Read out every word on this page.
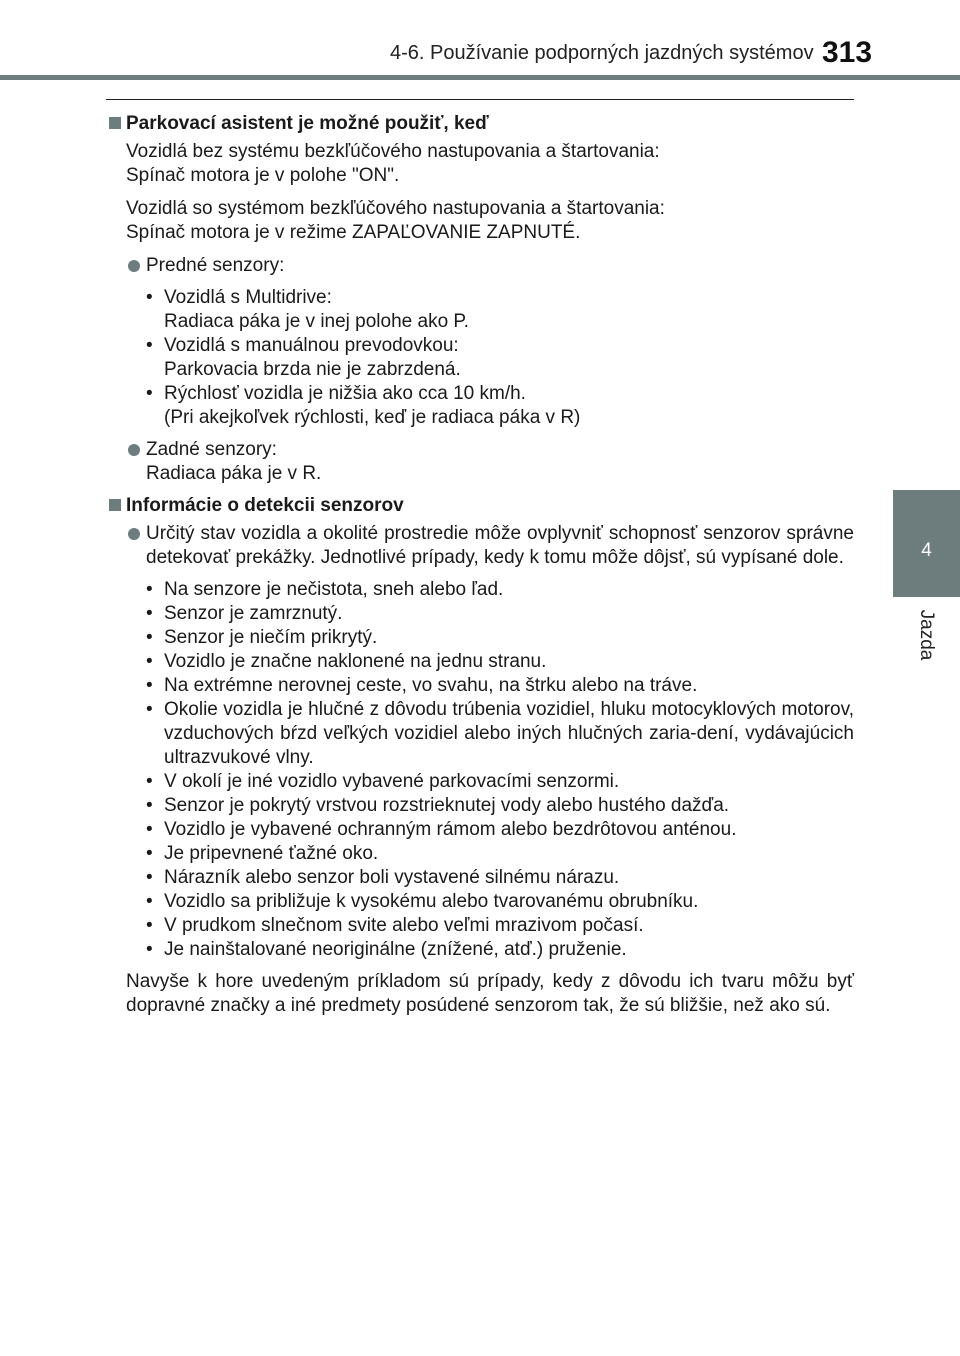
4-6. Používanie podporných jazdných systémov 313
4
Jazda
Parkovací asistent je možné použiť, keď
Vozidlá bez systému bezkľúčového nastupovania a štartovania:
Spínač motora je v polohe "ON".
Vozidlá so systémom bezkľúčového nastupovania a štartovania:
Spínač motora je v režime ZAPAĽOVANIE ZAPNUTÉ.
Predné senzory:
• Vozidlá s Multidrive:
Radiaca páka je v inej polohe ako P.
• Vozidlá s manuálnou prevodovkou:
Parkovacia brzda nie je zabrzdená.
• Rýchlosť vozidla je nižšia ako cca 10 km/h.
(Pri akejkoľvek rýchlosti, keď je radiaca páka v R)
Zadné senzory:
Radiaca páka je v R.
Informácie o detekcii senzorov
Určitý stav vozidla a okolité prostredie môže ovplyvniť schopnosť senzorov správne detekovať prekážky. Jednotlivé prípady, kedy k tomu môže dôjsť, sú vypísané dole.
• Na senzore je nečistota, sneh alebo ľad.
• Senzor je zamrznutý.
• Senzor je niečím prikrytý.
• Vozidlo je značne naklonené na jednu stranu.
• Na extrémne nerovnej ceste, vo svahu, na štrku alebo na tráve.
• Okolie vozidla je hlučné z dôvodu trúbenia vozidiel, hluku motocyklových motorov, vzduchových bŕzd veľkých vozidiel alebo iných hlučných zaria-dení, vydávajúcich ultrazvukové vlny.
• V okolí je iné vozidlo vybavené parkovacími senzormi.
• Senzor je pokrytý vrstvou rozstrieknutej vody alebo hustého dažďa.
• Vozidlo je vybavené ochranným rámom alebo bezdrôtovou anténou.
• Je pripevnené ťažné oko.
• Nárazník alebo senzor boli vystavené silnému nárazu.
• Vozidlo sa približuje k vysokému alebo tvarovanému obrubníku.
• V prudkom slnečnom svite alebo veľmi mrazivom počasí.
• Je nainštalované neoriginálne (znížené, atď.) pruženie.
Navyše k hore uvedeným príkladom sú prípady, kedy z dôvodu ich tvaru môžu byť dopravné značky a iné predmety posúdené senzorom tak, že sú bližšie, než ako sú.
